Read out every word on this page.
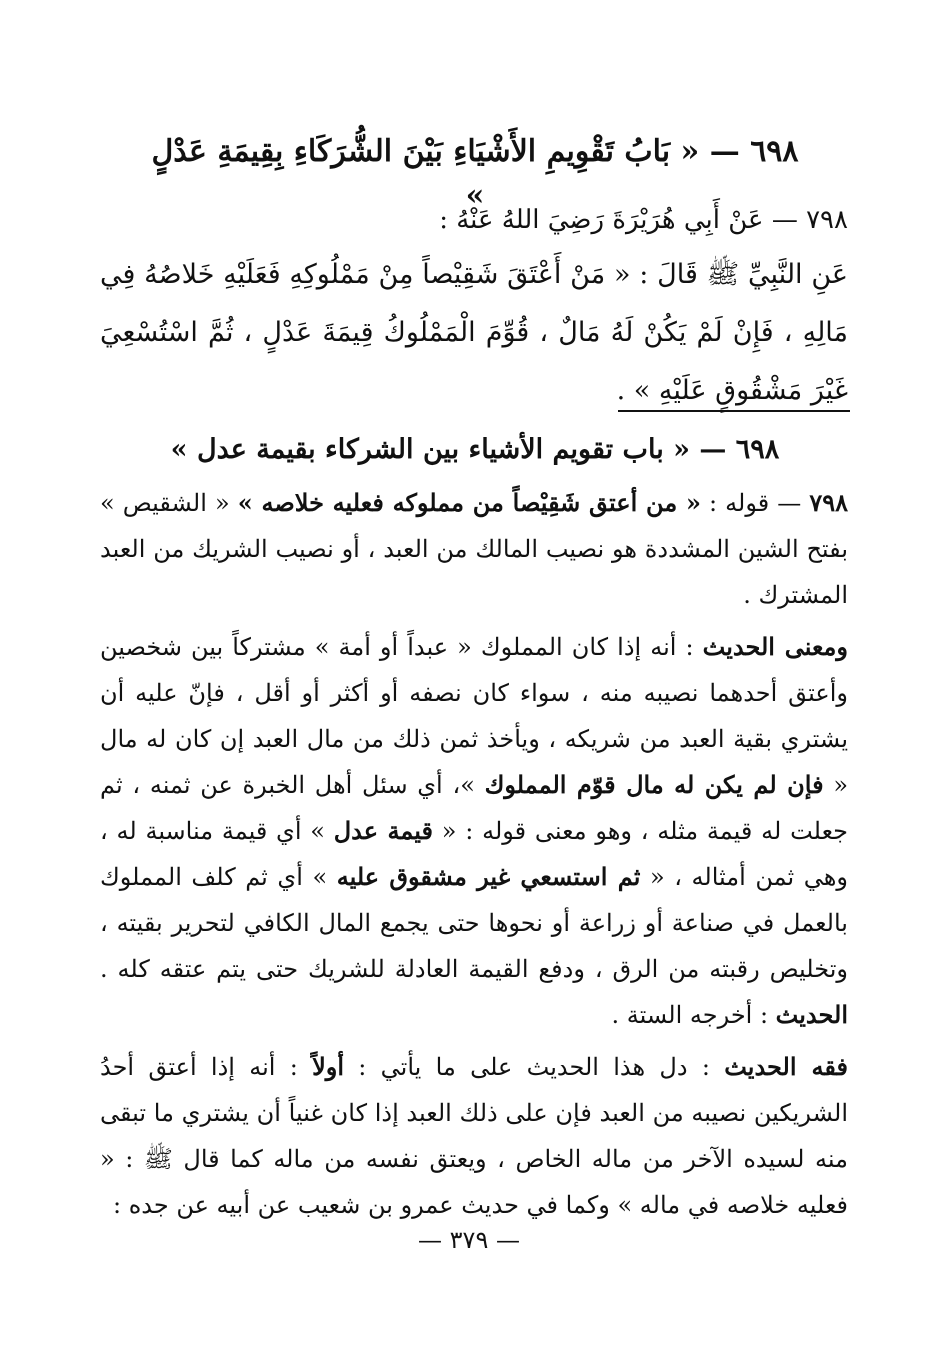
٦٩٨ — « بَابُ تَقْوِيمِ الأَشْيَاءِ بَيْنَ الشُّرَكَاءِ بِقِيمَةِ عَدْلٍ »
٧٩٨ — عَنْ أَبِي هُرَيْرَةَ رَضِيَ اللهُ عَنْهُ :
عَنِ النَّبِيِّ ﷺ قَالَ : « مَنْ أَعْتَقَ شَقِيْصاً مِنْ مَمْلُوكِهِ فَعَلَيْهِ خَلاصُهُ فِي مَالِهِ ، فَإِنْ لَمْ يَكُنْ لَهُ مَالٌ ، قُوِّمَ الْمَمْلُوكُ قِيمَةَ عَدْلٍ ، ثُمَّ اسْتُسْعِيَ غَيْرَ مَشْقُوقٍ عَلَيْهِ » .
٦٩٨ — « باب تقويم الأشياء بين الشركاء بقيمة عدل »

٧٩٨ — قوله : « من أعتق شَقِيْصاً من مملوكه فعليه خلاصه » « الشقيص » بفتح الشين المشددة هو نصيب المالك من العبد ، أو نصيب الشريك من العبد المشترك .

ومعنى الحديث : أنه إذا كان المملوك « عبداً أو أمة » مشتركاً بين شخصين وأعتق أحدهما نصيبه منه ، سواء كان نصفه أو أكثر أو أقل ، فإنّ عليه أن يشتري بقية العبد من شريكه ، ويأخذ ثمن ذلك من مال العبد إن كان له مال « فإن لم يكن له مال قوّم المملوك »، أي سئل أهل الخبرة عن ثمنه ، ثم جعلت له قيمة مثله ، وهو معنى قوله : « قيمة عدل » أي قيمة مناسبة له ، وهي ثمن أمثاله ، « ثم استسعي غير مشقوق عليه » أي ثم كلف المملوك بالعمل في صناعة أو زراعة أو نحوها حتى يجمع المال الكافي لتحرير بقيته ، وتخليص رقبته من الرق ، ودفع القيمة العادلة للشريك حتى يتم عتقه كله . الحديث : أخرجه الستة .

فقه الحديث : دل هذا الحديث على ما يأتي : أولاً : أنه إذا أعتق أحدُ الشريكين نصيبه من العبد فإن على ذلك العبد إذا كان غنياً أن يشتري ما تبقى منه لسيده الآخر من ماله الخاص ، ويعتق نفسه من ماله كما قال ﷺ : « فعليه خلاصه في ماله » وكما في حديث عمرو بن شعيب عن أبيه عن جده :

— ٣٧٩ —
